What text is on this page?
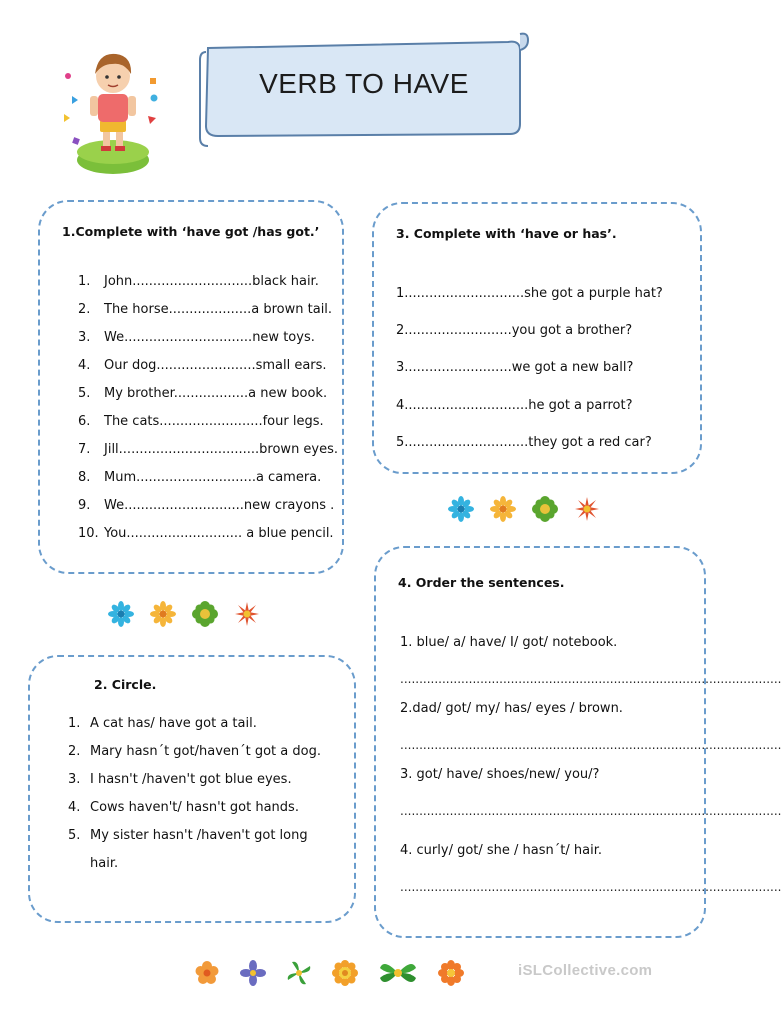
VERB TO HAVE
1.Complete with ‘have got /has got.’
1. John.............................black hair.
2. The horse....................a brown tail.
3. We...............................new toys.
4. Our dog........................small ears.
5. My brother..................a new book.
6. The cats.........................four legs.
7. Jill..................................brown eyes.
8. Mum.............................a camera.
9. We.............................new crayons .
10. You............................ a blue pencil.
3. Complete with ‘have or has’.
1.............................she got a purple hat?
2..........................you got a brother?
3..........................we got a new ball?
4..............................he got a parrot?
5..............................they got a red car?
4. Order the sentences.
1. blue/ a/ have/ I/ got/ notebook.
....................................................................................................
2.dad/ got/ my/ has/ eyes / brown.
....................................................................................................
3. got/ have/ shoes/new/ you/?
....................................................................................................
4. curly/ got/ she / hasn´t/ hair.
....................................................................................................
2. Circle.
1. A cat has/ have got a tail.
2. Mary hasn´t got/haven´t got a dog.
3. I hasn't /haven't got blue eyes.
4. Cows haven't/ hasn't got hands.
5. My sister hasn't /haven't got long
hair.
iSLCollective.com
